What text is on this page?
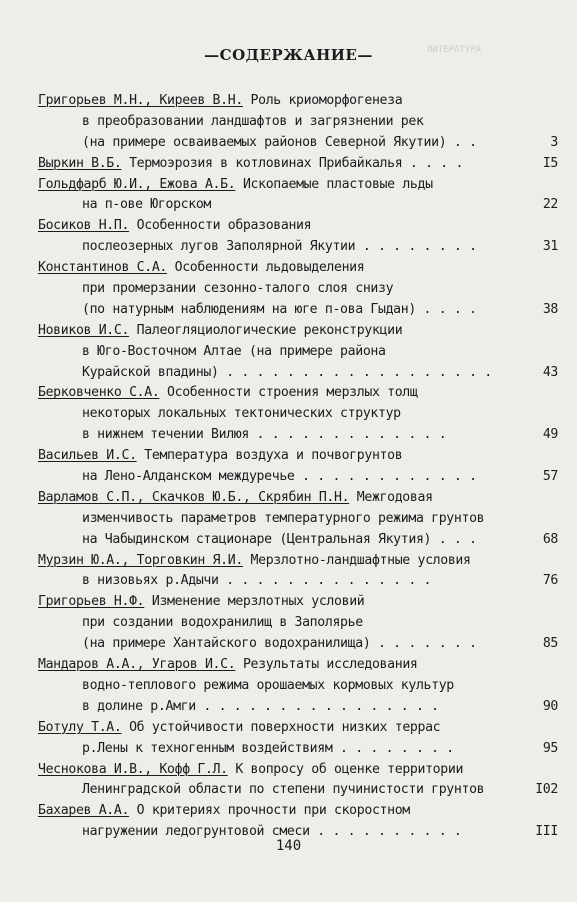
ЛИТЕРАТУРА
—СОДЕРЖАНИЕ—
Григорьев М.Н., Киреев В.Н. Роль криоморфогенеза
в преобразовании ландшафтов и загрязнении рек
(на примере осваиваемых районов Северной Якутии) . .	3
Выркин В.Б. Термоэрозия в котловинах Прибайкалья . . . .	I5
Гольдфарб Ю.И., Ежова А.Б. Ископаемые пластовые льды
на п-ове Югорском	22
Босиков Н.П. Особенности образования
послеозерных лугов Заполярной Якутии . . . . . . . .	31
Константинов С.А. Особенности льдовыделения
при промерзании сезонно-талого слоя снизу
(по натурным наблюдениям на юге п-ова Гыдан) . . . .	38
Новиков И.С. Палеогляциологические реконструкции
в Юго-Восточном Алтае (на примере района
Курайской впадины) . . . . . . . . . . . . . . . . . .	43
Берковченко С.А. Особенности строения мерзлых толщ
некоторых локальных тектонических структур
в нижнем течении Вилюя . . . . . . . . . . . . .	49
Васильев И.С. Температура воздуха и почвогрунтов
на Лено-Алданском междуречье . . . . . . . . . . . .	57
Варламов С.П., Скачков Ю.Б., Скрябин П.Н. Межгодовая
изменчивость параметров температурного режима грунтов
на Чабыдинском стационаре (Центральная Якутия) . . .	68
Мурзин Ю.А., Торговкин Я.И. Мерзлотно-ландшафтные условия
в низовьях р.Адычи . . . . . . . . . . . . . .	76
Григорьев Н.Ф. Изменение мерзлотных условий
при создании водохранилищ в Заполярье
(на примере Хантайского водохранилища) . . . . . . .	85
Мандаров А.А., Угаров И.С. Результаты исследования
водно-теплового режима орошаемых кормовых культур
в долине р.Амги . . . . . . . . . . . . . . . .	90
Ботулу Т.А. Об устойчивости поверхности низких террас
р.Лены к техногенным воздействиям . . . . . . . .	95
Чеснокова И.В., Кофф Г.Л. К вопросу об оценке территории
Ленинградской области по степени пучинистости грунтов	I02
Бахарев А.А. О критериях прочности при скоростном
нагружении ледогрунтовой смеси . . . . . . . . . .	III
140
